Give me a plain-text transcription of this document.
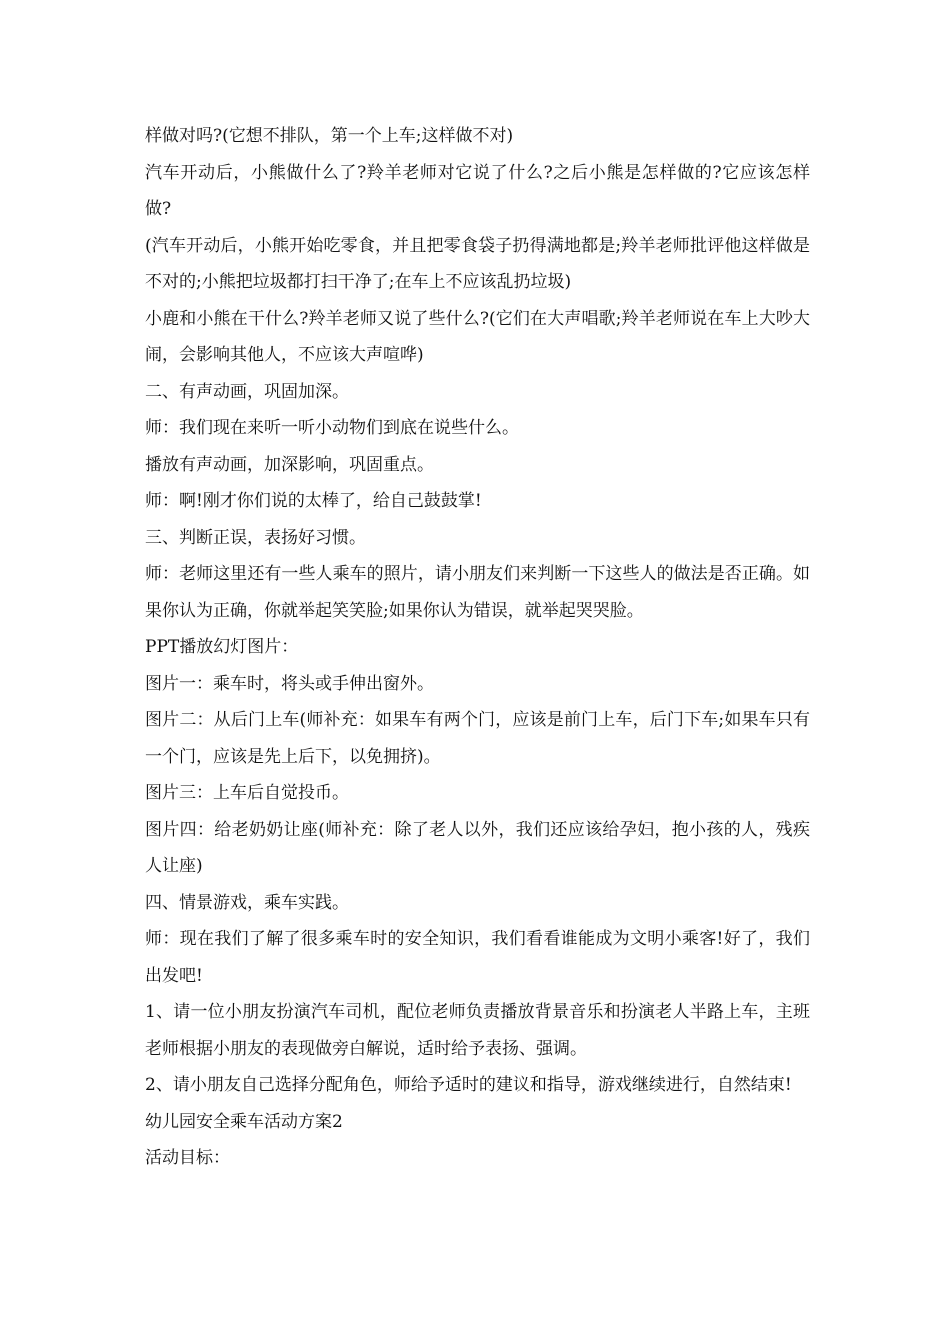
样做对吗?(它想不排队，第一个上车;这样做不对)

汽车开动后，小熊做什么了?羚羊老师对它说了什么?之后小熊是怎样做的?它应该怎样做?

(汽车开动后，小熊开始吃零食，并且把零食袋子扔得满地都是;羚羊老师批评他这样做是不对的;小熊把垃圾都打扫干净了;在车上不应该乱扔垃圾)

小鹿和小熊在干什么?羚羊老师又说了些什么?(它们在大声唱歌;羚羊老师说在车上大吵大闹，会影响其他人，不应该大声喧哗)

二、有声动画，巩固加深。

师：我们现在来听一听小动物们到底在说些什么。

播放有声动画，加深影响，巩固重点。

师：啊!刚才你们说的太棒了，给自己鼓鼓掌!

三、判断正误，表扬好习惯。

师：老师这里还有一些人乘车的照片，请小朋友们来判断一下这些人的做法是否正确。如果你认为正确，你就举起笑笑脸;如果你认为错误，就举起哭哭脸。

PPT播放幻灯图片：

图片一：乘车时，将头或手伸出窗外。

图片二：从后门上车(师补充：如果车有两个门，应该是前门上车，后门下车;如果车只有一个门，应该是先上后下，以免拥挤)。

图片三：上车后自觉投币。

图片四：给老奶奶让座(师补充：除了老人以外，我们还应该给孕妇，抱小孩的人，残疾人让座)

四、情景游戏，乘车实践。

师：现在我们了解了很多乘车时的安全知识，我们看看谁能成为文明小乘客!好了，我们出发吧!

1、请一位小朋友扮演汽车司机，配位老师负责播放背景音乐和扮演老人半路上车，主班老师根据小朋友的表现做旁白解说，适时给予表扬、强调。

2、请小朋友自己选择分配角色，师给予适时的建议和指导，游戏继续进行，自然结束!

幼儿园安全乘车活动方案2

活动目标：
